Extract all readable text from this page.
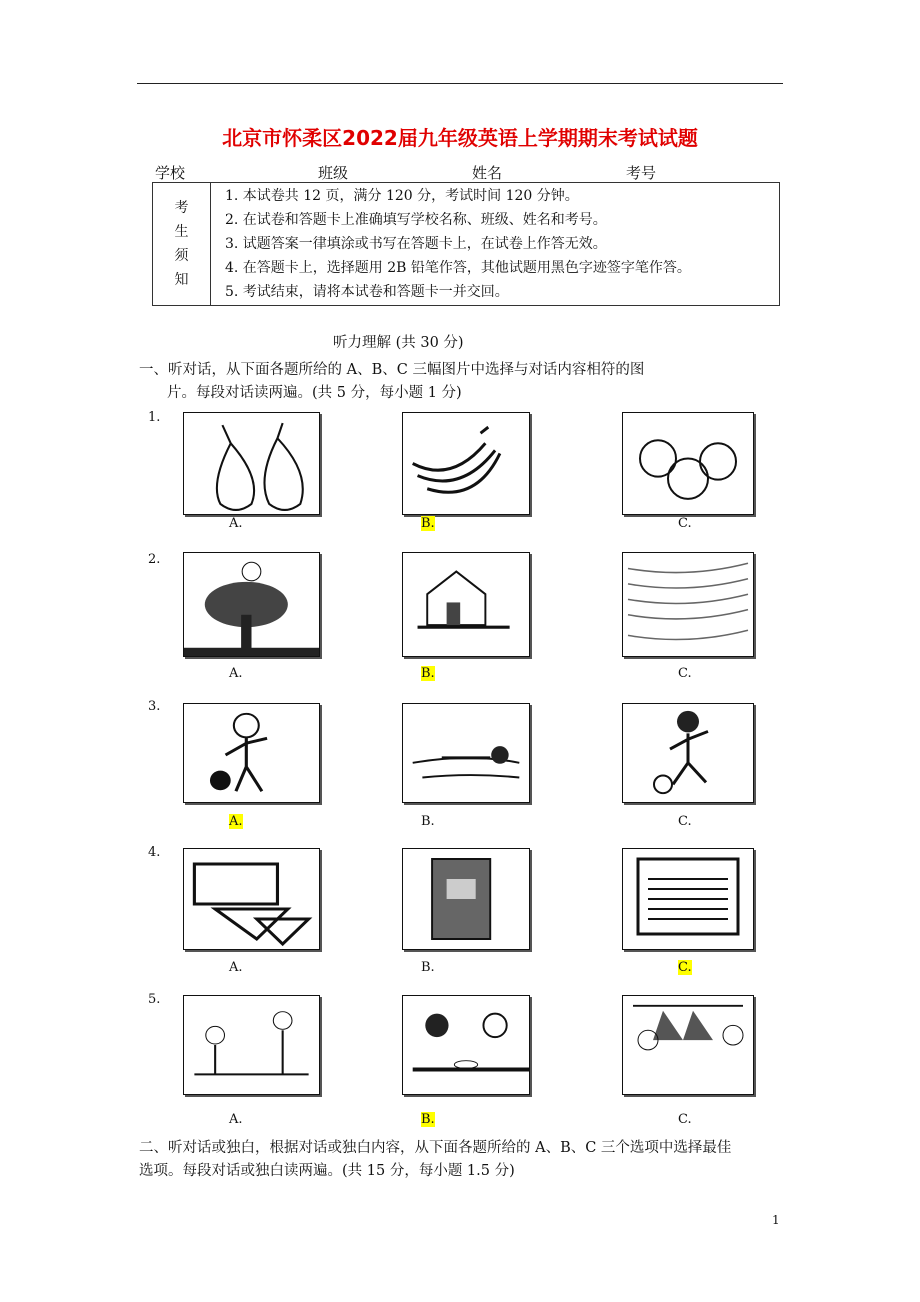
北京市怀柔区2022届九年级英语上学期期末考试试题
学校	班级	姓名	考号
考
生
须
知

1. 本试卷共 12 页，满分 120 分，考试时间 120 分钟。
2. 在试卷和答题卡上准确填写学校名称、班级、姓名和考号。
3. 试题答案一律填涂或书写在答题卡上，在试卷上作答无效。
4. 在答题卡上，选择题用 2B 铅笔作答，其他试题用黑色字迹签字笔作答。
5. 考试结束，请将本试卷和答题卡一并交回。
听力理解 (共 30 分)
一、听对话，从下面各题所给的 A、B、C 三幅图片中选择与对话内容相符的图
片。每段对话读两遍。(共 5 分，每小题 1 分)
1.
A.	B.	C.
2.
A.	B.	C.
3.
A.	B.	C.
4.
A.	B.	C.
5.
A.	B.	C.
二、听对话或独白，根据对话或独白内容，从下面各题所给的 A、B、C 三个选项中选择最佳
选项。每段对话或独白读两遍。(共 15 分，每小题 1.5 分)
1
